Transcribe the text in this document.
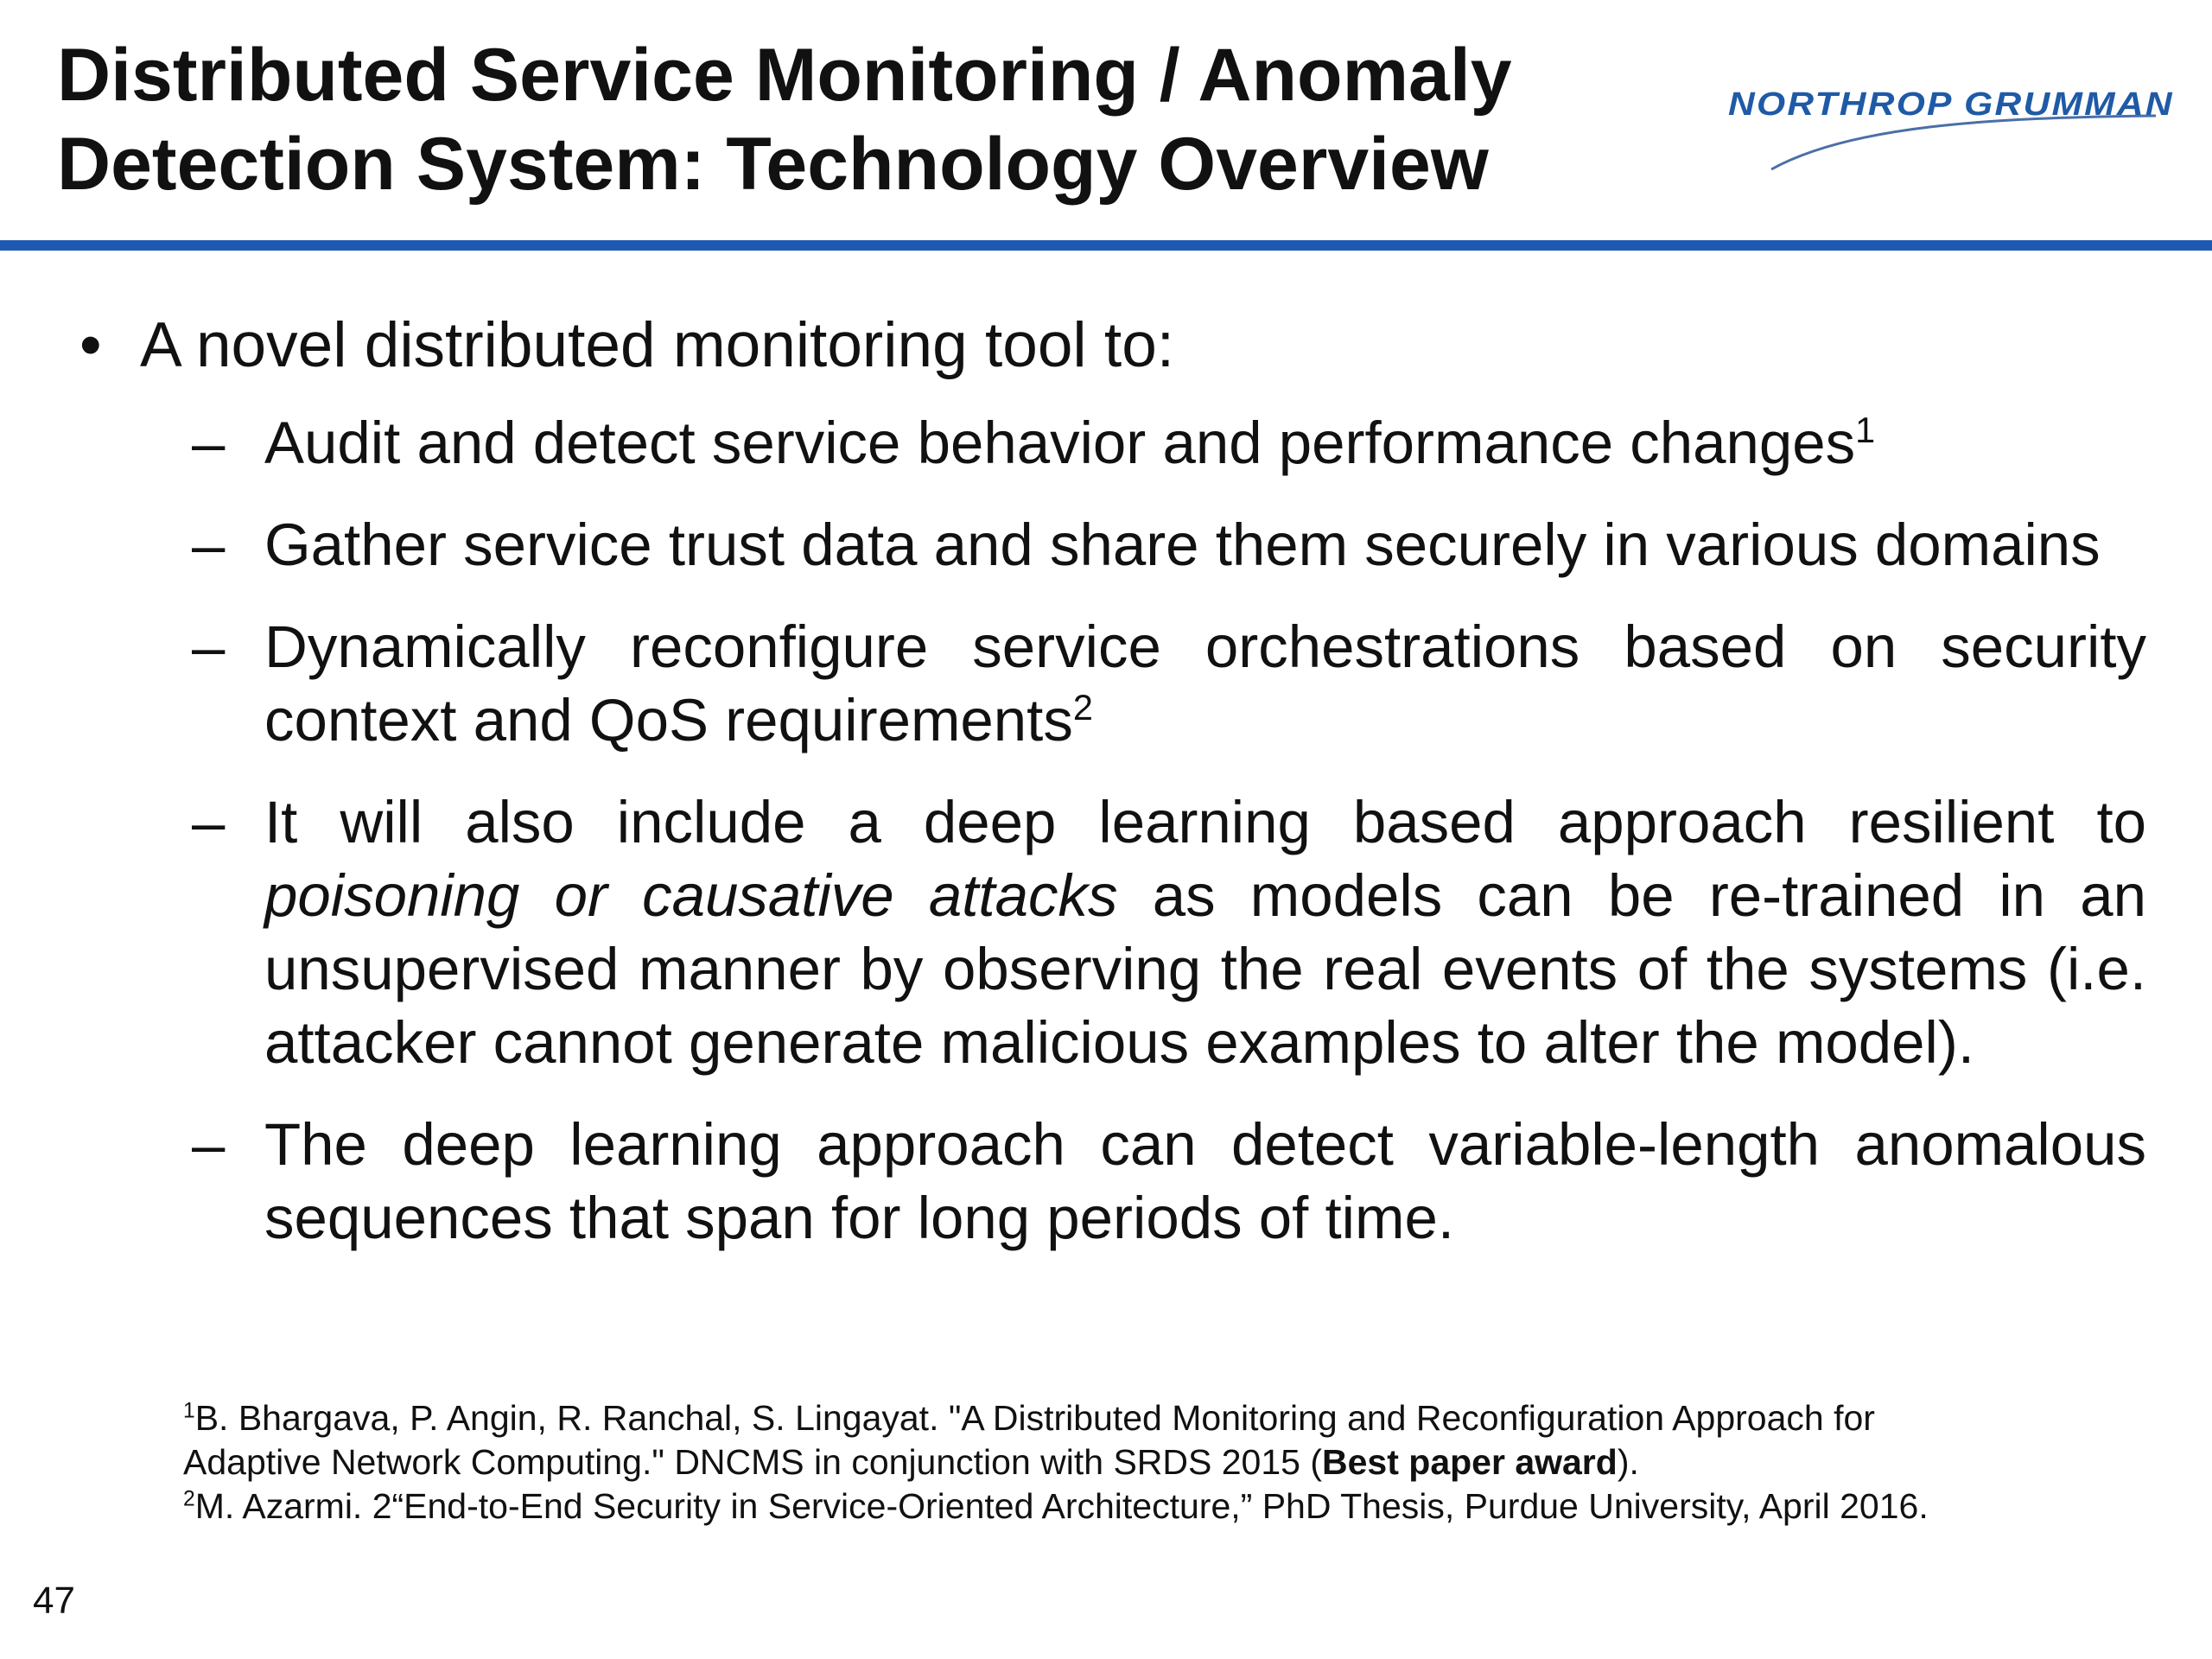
Distributed Service Monitoring / Anomaly
Detection System: Technology Overview
NORTHROP GRUMMAN
• A novel distributed monitoring tool to:
– Audit and detect service behavior and performance changes$^1$
– Gather service trust data and share them securely in various domains
– Dynamically reconfigure service orchestrations based on security context and QoS requirements$^2$
– It will also include a deep learning based approach resilient to poisoning or causative attacks as models can be re-trained in an unsupervised manner by observing the real events of the systems (i.e. attacker cannot generate malicious examples to alter the model).
– The deep learning approach can detect variable-length anomalous sequences that span for long periods of time.
$^1$B. Bhargava, P. Angin, R. Ranchal, S. Lingayat. "A Distributed Monitoring and Reconfiguration Approach for
Adaptive Network Computing." DNCMS in conjunction with SRDS 2015 (Best paper award).
$^2$M. Azarmi. 2“End-to-End Security in Service-Oriented Architecture,” PhD Thesis, Purdue University, April 2016.
47
